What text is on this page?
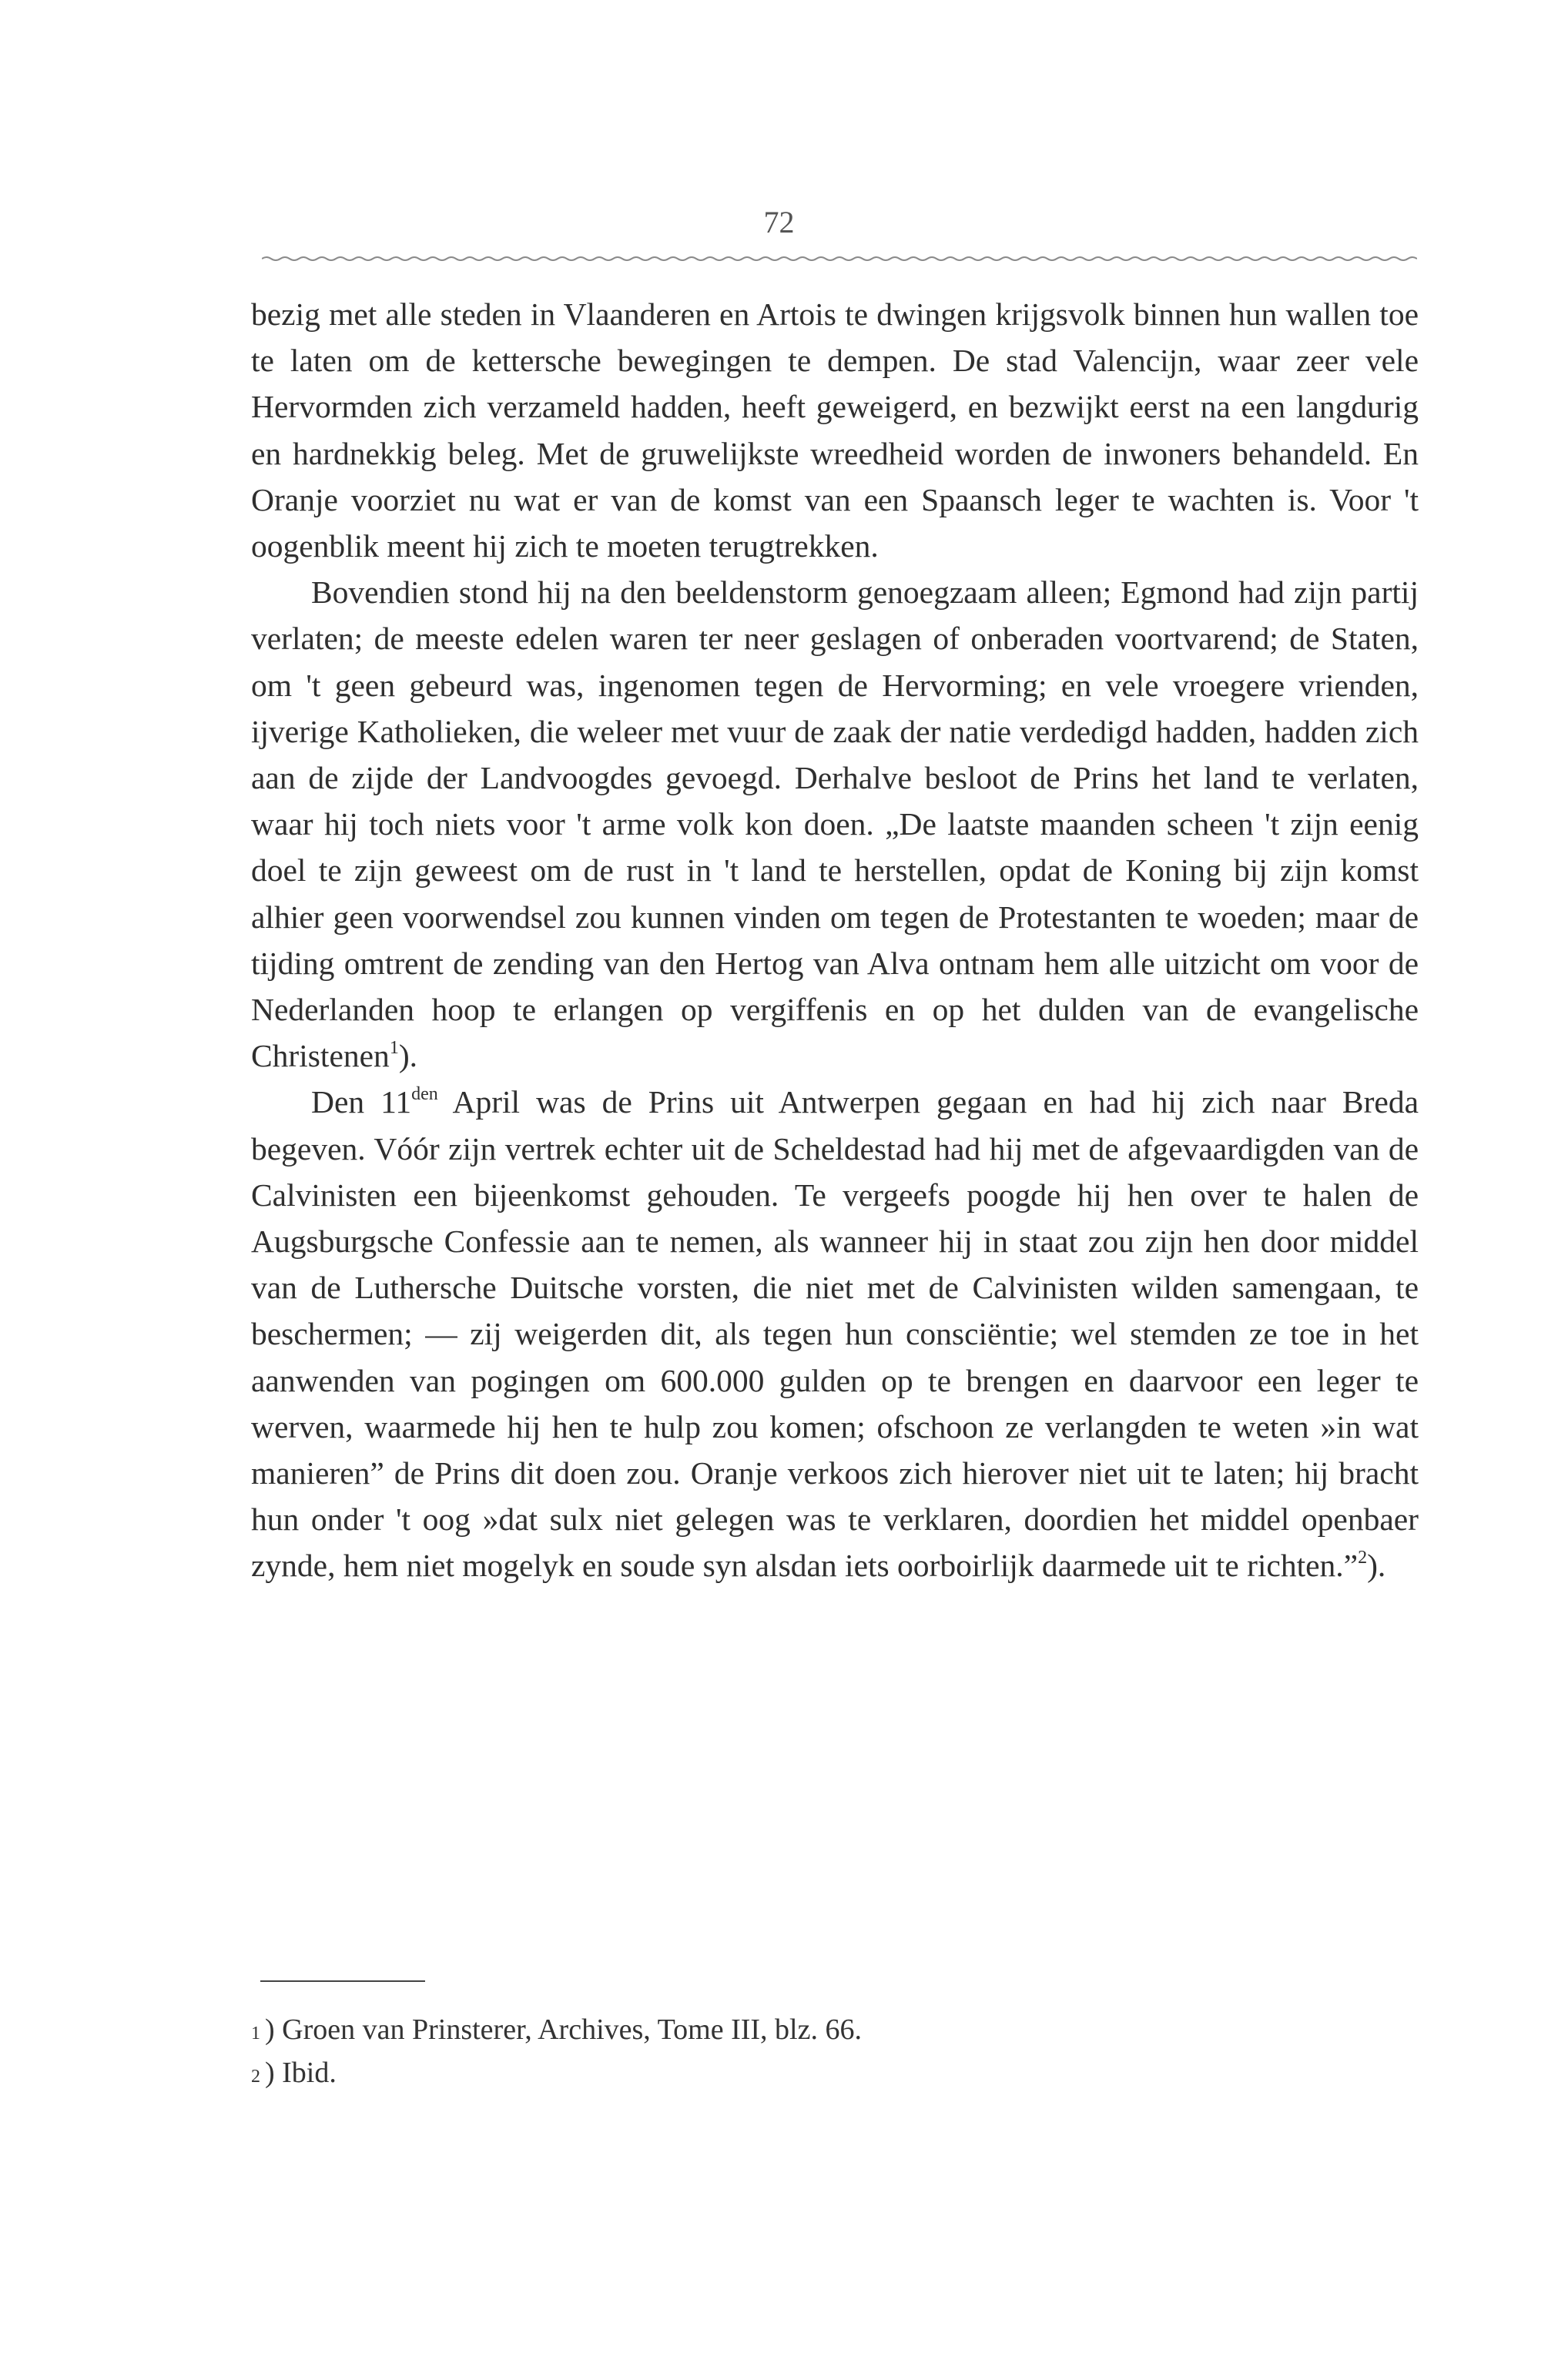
72

bezig met alle steden in Vlaanderen en Artois te dwingen krijgsvolk binnen hun wallen toe te laten om de kettersche bewegingen te dempen. De stad Valencijn, waar zeer vele Hervormden zich verzameld hadden, heeft geweigerd, en bezwijkt eerst na een langdurig en hardnekkig beleg. Met de gruwelijkste wreedheid worden de inwoners behandeld. En Oranje voorziet nu wat er van de komst van een Spaansch leger te wachten is. Voor 't oogenblik meent hij zich te moeten terugtrekken.

Bovendien stond hij na den beeldenstorm genoegzaam alleen; Egmond had zijn partij verlaten; de meeste edelen waren ter neer geslagen of onberaden voortvarend; de Staten, om 't geen gebeurd was, ingenomen tegen de Hervorming; en vele vroegere vrienden, ijverige Katholieken, die weleer met vuur de zaak der natie verdedigd hadden, hadden zich aan de zijde der Landvoogdes gevoegd. Derhalve besloot de Prins het land te verlaten, waar hij toch niets voor 't arme volk kon doen. „De laatste maanden scheen 't zijn eenig doel te zijn geweest om de rust in 't land te herstellen, opdat de Koning bij zijn komst alhier geen voorwendsel zou kunnen vinden om tegen de Protestanten te woeden; maar de tijding omtrent de zending van den Hertog van Alva ontnam hem alle uitzicht om voor de Nederlanden hoop te erlangen op vergiffenis en op het dulden van de evangelische Christenen$^1$).

Den $11^{den}$ April was de Prins uit Antwerpen gegaan en had hij zich naar Breda begeven. Vóór zijn vertrek echter uit de Scheldestad had hij met de afgevaardigden van de Calvinisten een bijeenkomst gehouden. Te vergeefs poogde hij hen over te halen de Augsburgsche Confessie aan te nemen, als wanneer hij in staat zou zijn hen door middel van de Luthersche Duitsche vorsten, die niet met de Calvinisten wilden samengaan, te beschermen; — zij weigerden dit, als tegen hun consciëntie; wel stemden ze toe in het aanwenden van pogingen om 600.000 gulden op te brengen en daarvoor een leger te werven, waarmede hij hen te hulp zou komen; ofschoon ze verlangden te weten »in wat manieren” de Prins dit doen zou. Oranje verkoos zich hierover niet uit te laten; hij bracht hun onder 't oog »dat sulx niet gelegen was te verklaren, doordien het middel openbaer zynde, hem niet mogelyk en soude syn alsdan iets oorboirlijk daarmede uit te richten.”$^2$).

1 )
Groen van Prinsterer, Archives, Tome III, blz. 66.
2 )
Ibid.
